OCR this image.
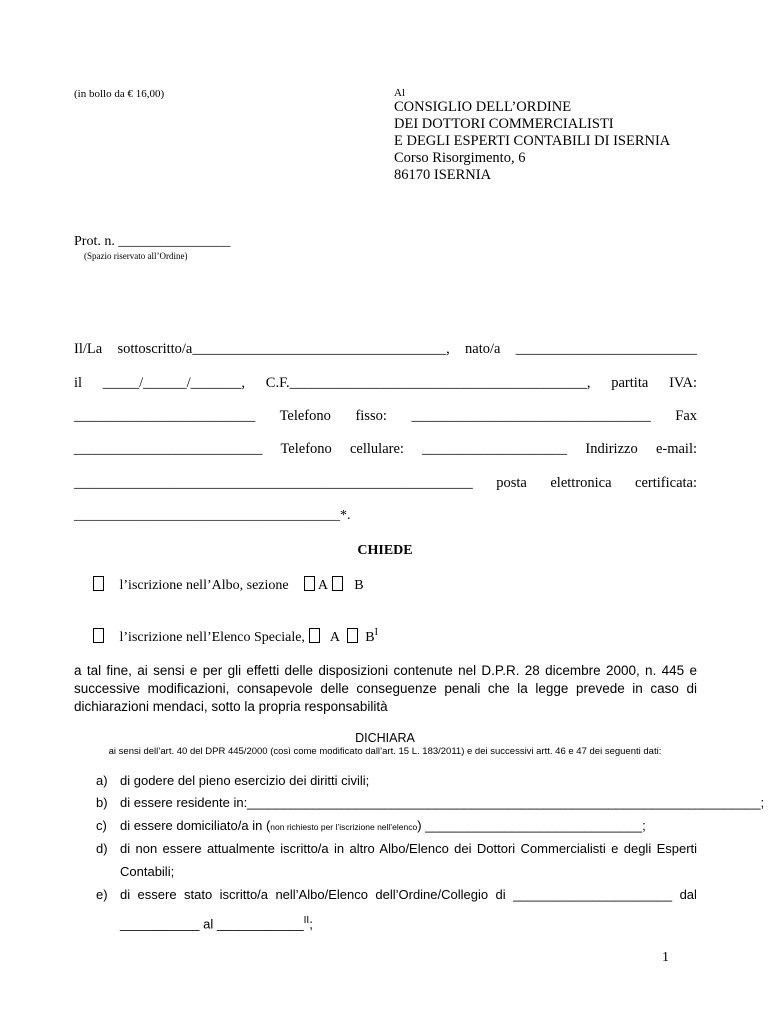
(in bollo da € 16,00)	Al
CONSIGLIO DELL’ORDINE
DEI DOTTORI COMMERCIALISTI
E DEGLI ESPERTI CONTABILI DI ISERNIA
Corso Risorgimento, 6
86170 ISERNIA
Prot. n. ________________
(Spazio riservato all’Ordine)
Il/La sottoscritto/a___________________________________, nato/a _________________________
il _____/______/_______, C.F._________________________________________, partita IVA:
_________________________ Telefono fisso: _________________________________ Fax
__________________________ Telefono cellulare: ____________________ Indirizzo e-mail:
_______________________________________________________ posta elettronica certificata:
______________________________________*.
CHIEDE
l’iscrizione nell’Albo, sezione A B
l’iscrizione nell’Elenco Speciale, A $B^I$
a tal fine, ai sensi e per gli effetti delle disposizioni contenute nel D.P.R. 28 dicembre 2000, n. 445 e
successive modificazioni, consapevole delle conseguenze penali che la legge prevede in caso di
dichiarazioni mendaci, sotto la propria responsabilità
DICHIARA
ai sensi dell’art. 40 del DPR 445/2000 (così come modificato dall’art. 15 L. 183/2011) e dei successivi artt. 46 e 47 dei seguenti dati:
a) di godere del pieno esercizio dei diritti civili;
b) di essere residente in:_______________________________________________________________________;
c) di essere domiciliato/a in (non richiesto per l’iscrizione nell’elenco) ______________________________;
d) di non essere attualmente iscritto/a in altro Albo/Elenco dei Dottori Commercialisti e degli Esperti
Contabili;
e) di essere stato iscritto/a nell’Albo/Elenco dell’Ordine/Collegio di ______________________ dal
___________ al ____________$^{II}$;
1
